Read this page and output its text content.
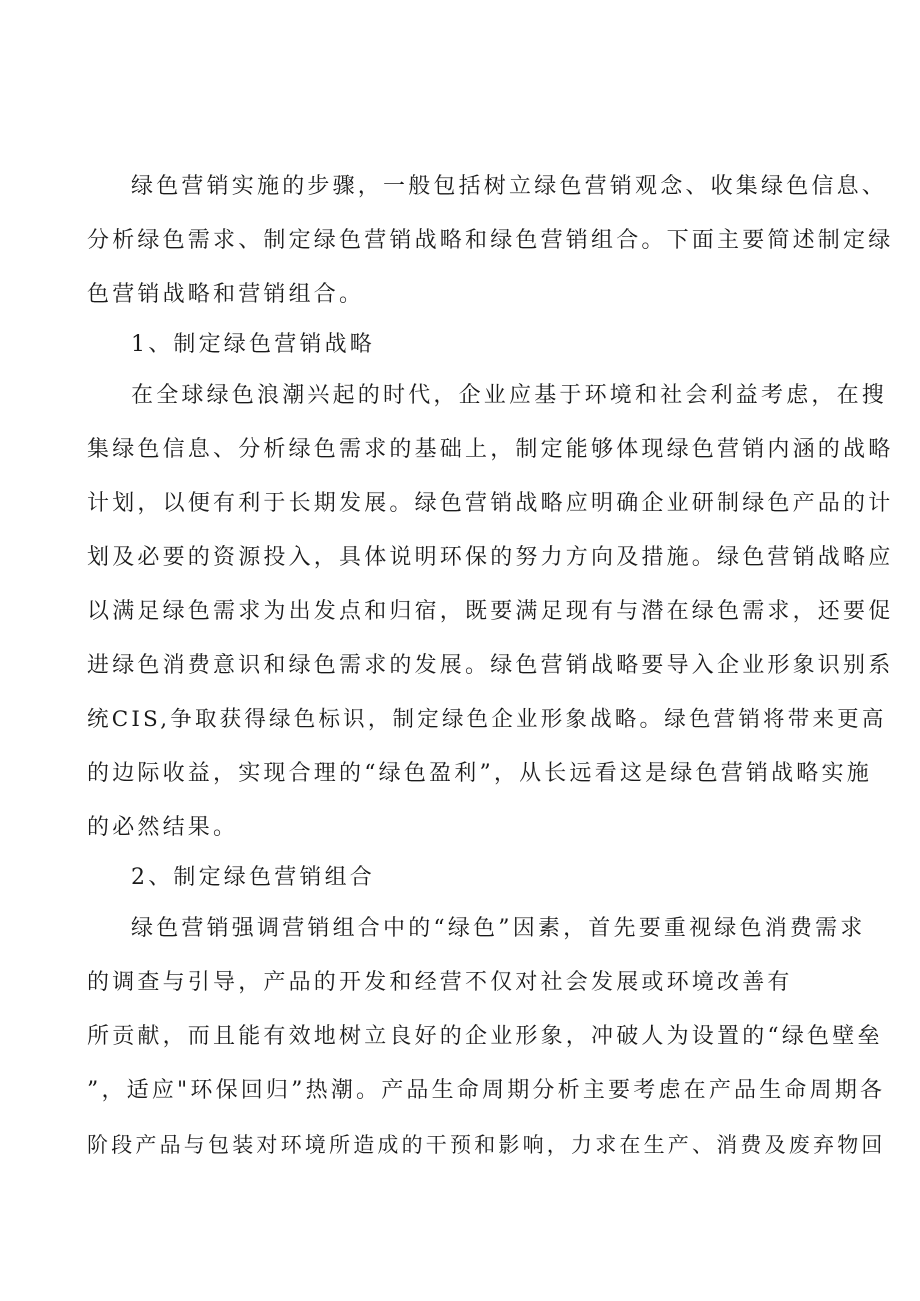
绿色营销实施的步骤，一般包括树立绿色营销观念、收集绿色信息、
分析绿色需求、制定绿色营销战略和绿色营销组合。下面主要简述制定绿
色营销战略和营销组合。
1、制定绿色营销战略
在全球绿色浪潮兴起的时代，企业应基于环境和社会利益考虑，在搜
集绿色信息、分析绿色需求的基础上，制定能够体现绿色营销内涵的战略
计划，以便有利于长期发展。绿色营销战略应明确企业研制绿色产品的计
划及必要的资源投入，具体说明环保的努力方向及措施。绿色营销战略应
以满足绿色需求为出发点和归宿，既要满足现有与潜在绿色需求，还要促
进绿色消费意识和绿色需求的发展。绿色营销战略要导入企业形象识别系
统CIS,争取获得绿色标识，制定绿色企业形象战略。绿色营销将带来更高
的边际收益，实现合理的“绿色盈利”，从长远看这是绿色营销战略实施
的必然结果。
2、制定绿色营销组合
绿色营销强调营销组合中的“绿色”因素，首先要重视绿色消费需求
的调查与引导，产品的开发和经营不仅对社会发展或环境改善有
所贡献，而且能有效地树立良好的企业形象，冲破人为设置的“绿色壁垒
”，适应"环保回归”热潮。产品生命周期分析主要考虑在产品生命周期各
阶段产品与包装对环境所造成的干预和影响，力求在生产、消费及废弃物回
